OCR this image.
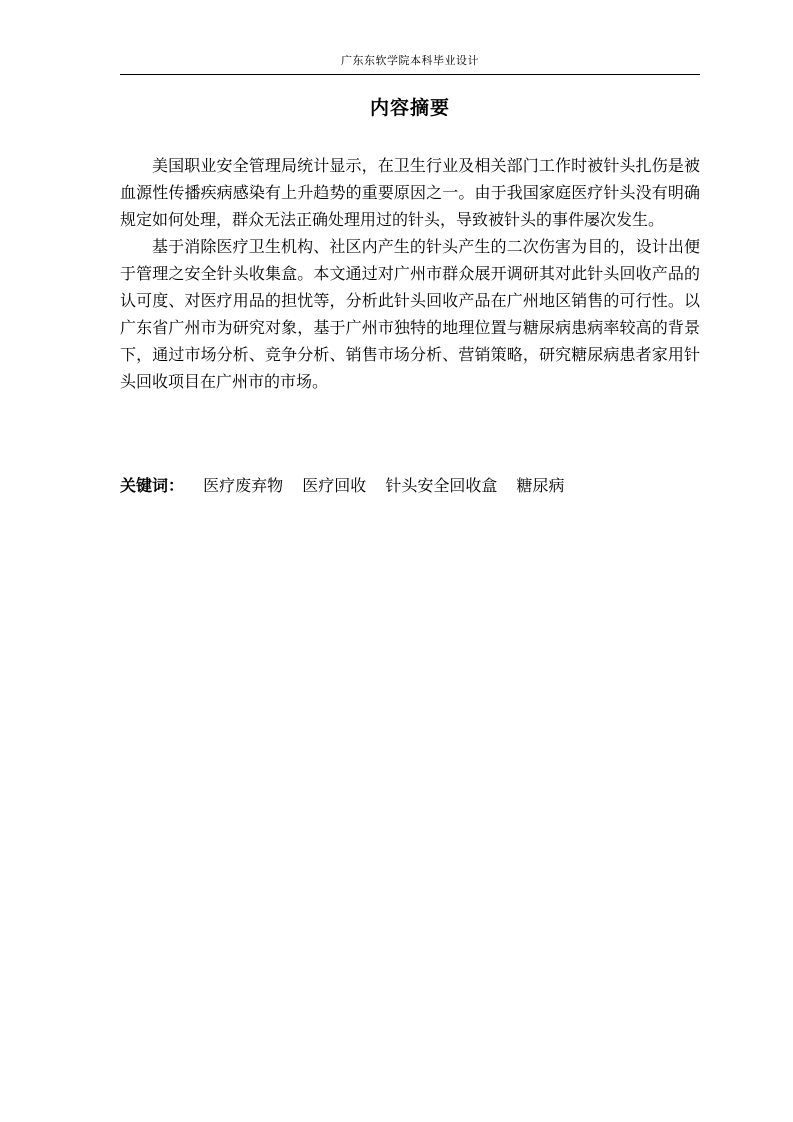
广东东软学院本科毕业设计
内容摘要

美国职业安全管理局统计显示，在卫生行业及相关部门工作时被针头扎伤是被血源性传播疾病感染有上升趋势的重要原因之一。由于我国家庭医疗针头没有明确规定如何处理，群众无法正确处理用过的针头，导致被针头的事件屡次发生。

基于消除医疗卫生机构、社区内产生的针头产生的二次伤害为目的，设计出便于管理之安全针头收集盒。本文通过对广州市群众展开调研其对此针头回收产品的认可度、对医疗用品的担忧等，分析此针头回收产品在广州地区销售的可行性。以广东省广州市为研究对象，基于广州市独特的地理位置与糖尿病患病率较高的背景下，通过市场分析、竞争分析、销售市场分析、营销策略，研究糖尿病患者家用针头回收项目在广州市的市场。

关键词： 医疗废弃物 医疗回收 针头安全回收盒 糖尿病
